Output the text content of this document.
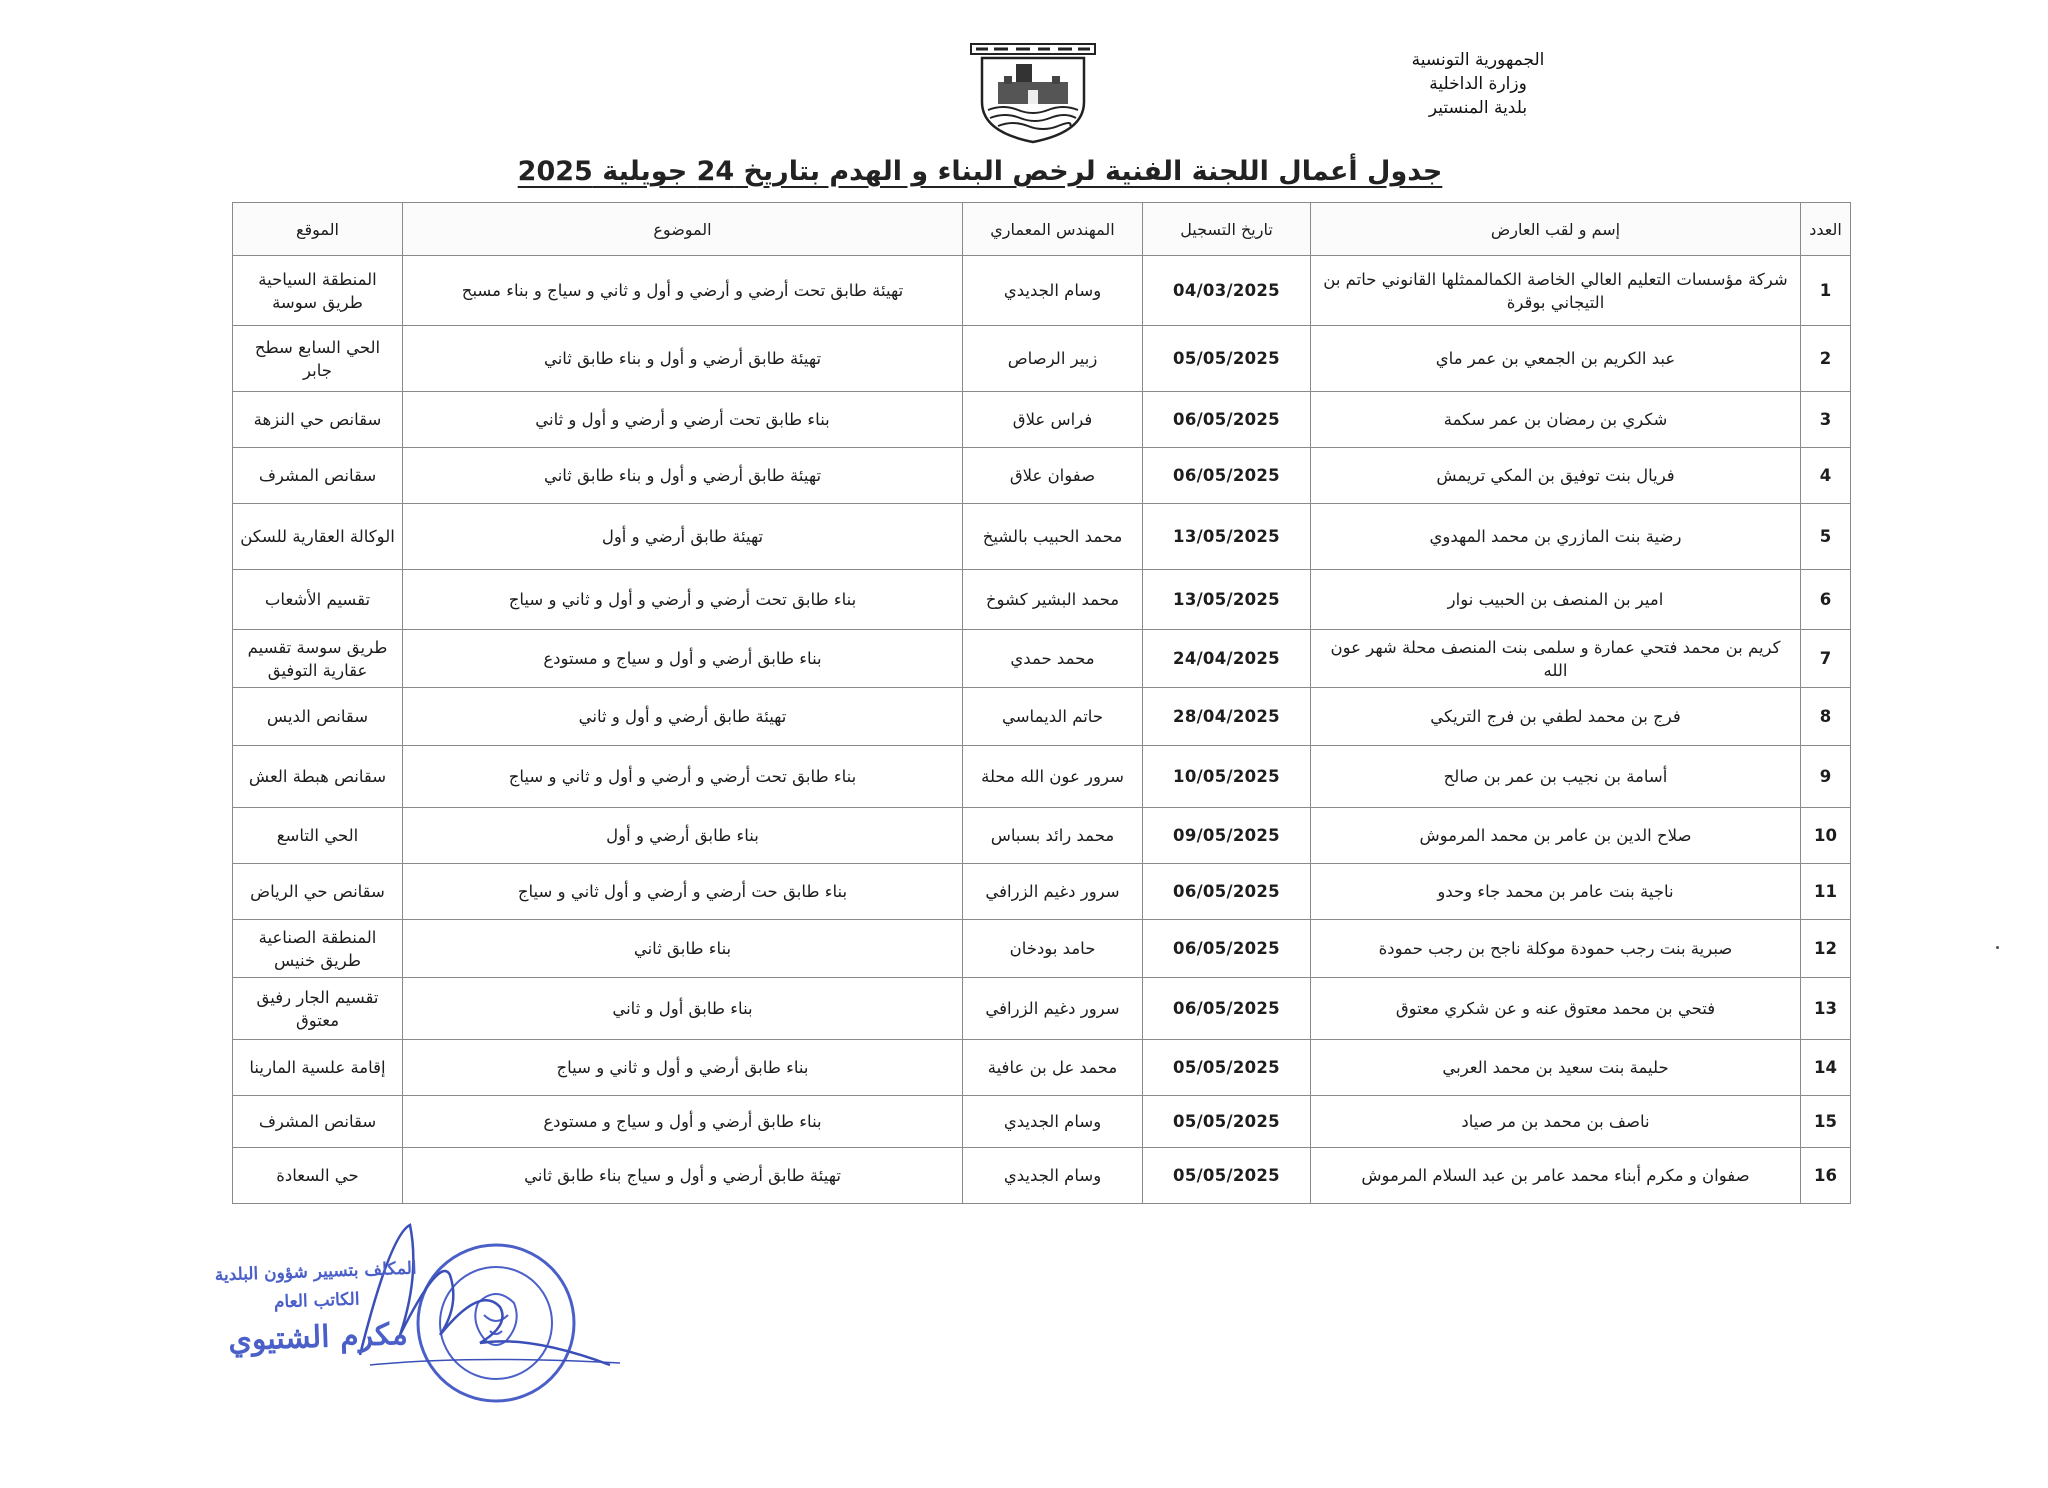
الجمهورية التونسية
وزارة الداخلية
بلدية المنستير
جدول أعمال اللجنة الفنية لرخص البناء و الهدم بتاريخ 24 جويلية 2025
العدد	إسم و لقب العارض	تاريخ التسجيل	المهندس المعماري	الموضوع	الموقع
1	شركة مؤسسات التعليم العالي الخاصة الكمالممثلها القانوني حاتم بن التيجاني بوقرة	04/03/2025	وسام الجديدي	تهيئة طابق تحت أرضي و أرضي و أول و ثاني و سياج و بناء مسبح	المنطقة السياحية طريق سوسة
2	عبد الكريم بن الجمعي بن عمر ماي	05/05/2025	زبير الرصاص	تهيئة طابق أرضي و أول و بناء طابق ثاني	الحي السابع سطح جابر
3	شكري بن رمضان بن عمر سكمة	06/05/2025	فراس علاق	بناء طابق تحت أرضي و أرضي و أول و ثاني	سقانص حي النزهة
4	فريال بنت توفيق بن المكي تريمش	06/05/2025	صفوان علاق	تهيئة طابق أرضي و أول و بناء طابق ثاني	سقانص المشرف
5	رضية بنت المازري بن محمد المهدوي	13/05/2025	محمد الحبيب بالشيخ	تهيئة طابق أرضي و أول	الوكالة العقارية للسكن
6	امير بن المنصف بن الحبيب نوار	13/05/2025	محمد البشير كشوخ	بناء طابق تحت أرضي و أرضي و أول و ثاني و سياج	تقسيم الأشعاب
7	كريم بن محمد فتحي عمارة و سلمى بنت المنصف محلة شهر عون الله	24/04/2025	محمد حمدي	بناء طابق أرضي و أول و سياج و مستودع	طريق سوسة تقسيم عقارية التوفيق
8	فرج بن محمد لطفي بن فرج التريكي	28/04/2025	حاتم الديماسي	تهيئة طابق أرضي و أول و ثاني	سقانص الديس
9	أسامة بن نجيب بن عمر بن صالح	10/05/2025	سرور عون الله محلة	بناء طابق تحت أرضي و أرضي و أول و ثاني و سياج	سقانص هبطة العش
10	صلاح الدين بن عامر بن محمد المرموش	09/05/2025	محمد رائد بسباس	بناء طابق أرضي و أول	الحي التاسع
11	ناجية بنت عامر بن محمد جاء وحدو	06/05/2025	سرور دغيم الزرافي	بناء طابق حت أرضي و أرضي و أول ثاني و سياج	سقانص حي الرياض
12	صبرية بنت رجب حمودة موكلة ناجح بن رجب حمودة	06/05/2025	حامد بودخان	بناء طابق ثاني	المنطقة الصناعية طريق خنيس
13	فتحي بن محمد معتوق عنه و عن شكري معتوق	06/05/2025	سرور دغيم الزرافي	بناء طابق أول و ثاني	تقسيم الجار رفيق معتوق
14	حليمة بنت سعيد بن محمد العربي	05/05/2025	محمد عل بن عافية	بناء طابق أرضي و أول و ثاني و سياج	إقامة علسية المارينا
15	ناصف بن محمد بن مر صياد	05/05/2025	وسام الجديدي	بناء طابق أرضي و أول و سياج و مستودع	سقانص المشرف
16	صفوان و مكرم أبناء محمد عامر بن عبد السلام المرموش	05/05/2025	وسام الجديدي	تهيئة طابق أرضي و أول و سياج بناء طابق ثاني	حي السعادة
المكلف بتسيير شؤون البلدية
الكاتب العام
مكرم الشتيوي
